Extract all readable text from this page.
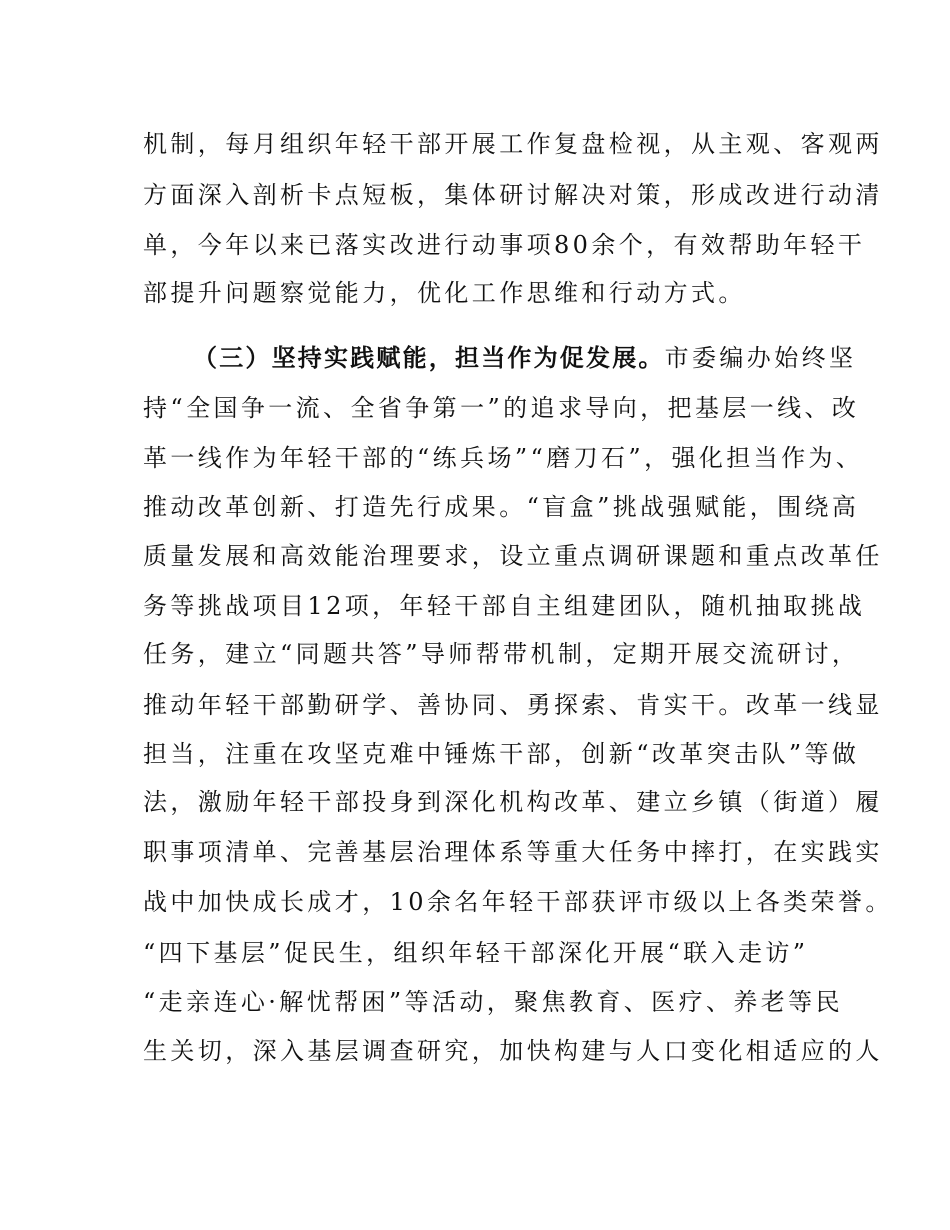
机制，每月组织年轻干部开展工作复盘检视，从主观、客观两
方面深入剖析卡点短板，集体研讨解决对策，形成改进行动清
单，今年以来已落实改进行动事项80余个，有效帮助年轻干
部提升问题察觉能力，优化工作思维和行动方式。
（三）坚持实践赋能，担当作为促发展。市委编办始终坚
持“全国争一流、全省争第一”的追求导向，把基层一线、改
革一线作为年轻干部的“练兵场”“磨刀石”，强化担当作为、
推动改革创新、打造先行成果。“盲盒”挑战强赋能，围绕高
质量发展和高效能治理要求，设立重点调研课题和重点改革任
务等挑战项目12项，年轻干部自主组建团队，随机抽取挑战
任务，建立“同题共答”导师帮带机制，定期开展交流研讨，
推动年轻干部勤研学、善协同、勇探索、肯实干。改革一线显
担当，注重在攻坚克难中锤炼干部，创新“改革突击队”等做
法，激励年轻干部投身到深化机构改革、建立乡镇（街道）履
职事项清单、完善基层治理体系等重大任务中摔打，在实践实
战中加快成长成才，10余名年轻干部获评市级以上各类荣誉。
“四下基层”促民生，组织年轻干部深化开展“联入走访”
“走亲连心·解忧帮困”等活动，聚焦教育、医疗、养老等民
生关切，深入基层调查研究，加快构建与人口变化相适应的人
